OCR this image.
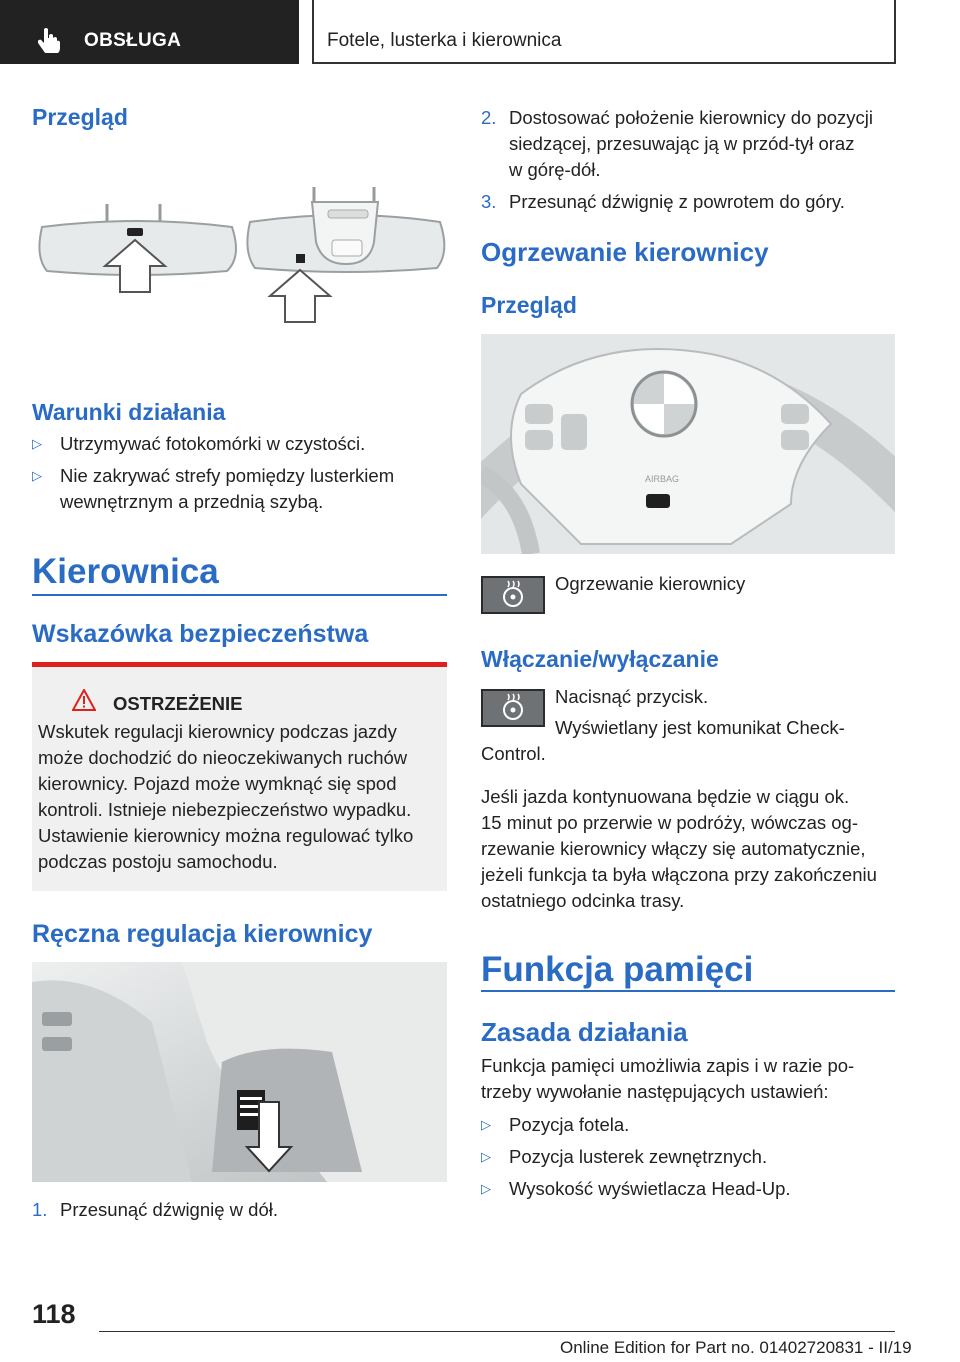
OBSŁUGA	Fotele, lusterka i kierownica
Przegląd
Warunki działania
▷ Utrzymywać fotokomórki w czystości.
▷ Nie zakrywać strefy pomiędzy lusterkiem
wewnętrznym a przednią szybą.
Kierownica
Wskazówka bezpieczeństwa
OSTRZEŻENIE
Wskutek regulacji kierownicy podczas jazdy
może dochodzić do nieoczekiwanych ruchów
kierownicy. Pojazd może wymknąć się spod
kontroli. Istnieje niebezpieczeństwo wypadku.
Ustawienie kierownicy można regulować tylko
podczas postoju samochodu.
Ręczna regulacja kierownicy
1. Przesunąć dźwignię w dół.
2. Dostosować położenie kierownicy do pozycji
siedzącej, przesuwając ją w przód-tył oraz
w górę-dół.
3. Przesunąć dźwignię z powrotem do góry.
Ogrzewanie kierownicy
Przegląd
AIRBAG
Ogrzewanie kierownicy
Włączanie/wyłączanie
Nacisnąć przycisk.
Wyświetlany jest komunikat Check-
Control.
Jeśli jazda kontynuowana będzie w ciągu ok.
15 minut po przerwie w podróży, wówczas og-
rzewanie kierownicy włączy się automatycznie,
jeżeli funkcja ta była włączona przy zakończeniu
ostatniego odcinka trasy.
Funkcja pamięci
Zasada działania
Funkcja pamięci umożliwia zapis i w razie po-
trzeby wywołanie następujących ustawień:
▷ Pozycja fotela.
▷ Pozycja lusterek zewnętrznych.
▷ Wysokość wyświetlacza Head-Up.
118
Online Edition for Part no. 01402720831 - II/19
